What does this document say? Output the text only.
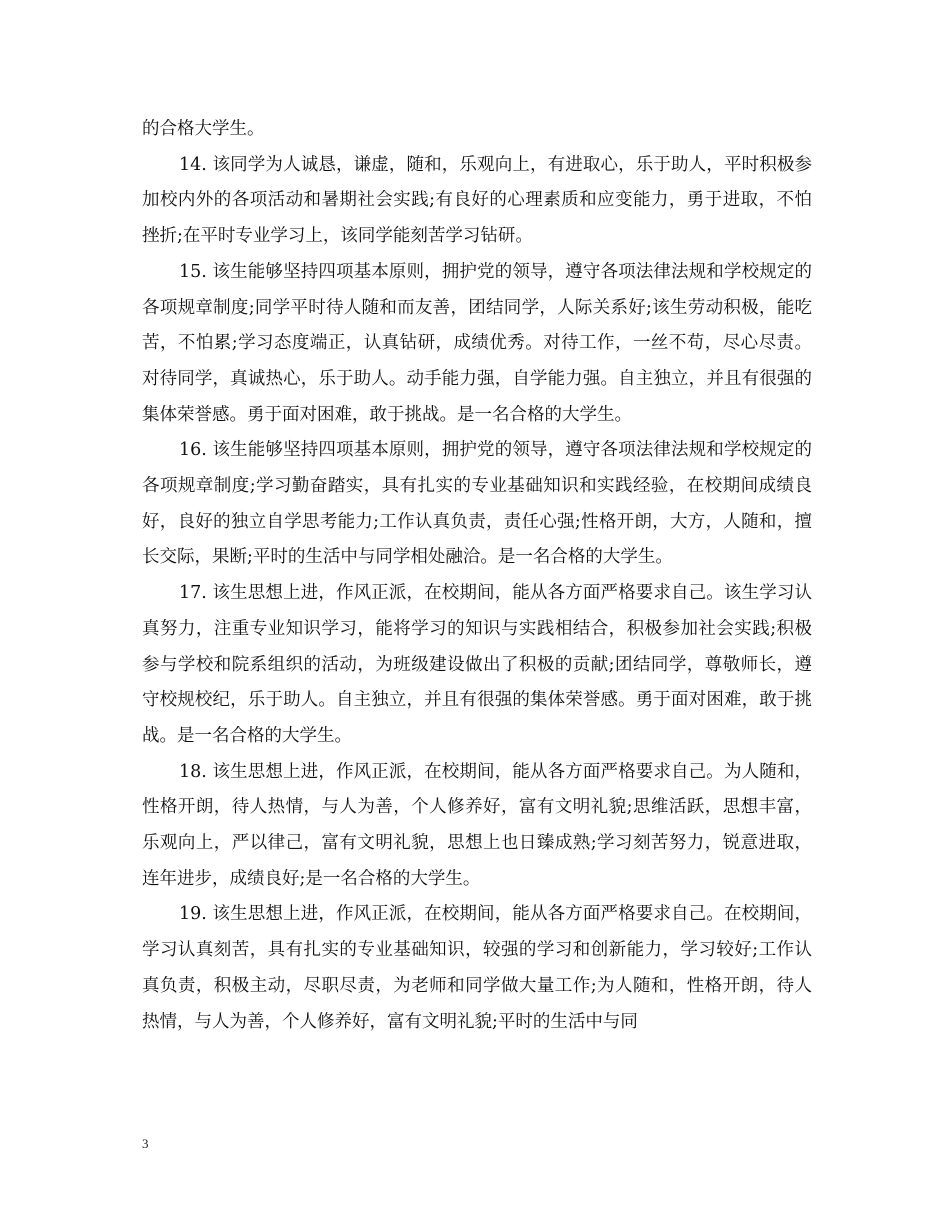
的合格大学生。

14. 该同学为人诚恳，谦虚，随和，乐观向上，有进取心，乐于助人，平时积极参加校内外的各项活动和暑期社会实践;有良好的心理素质和应变能力，勇于进取，不怕挫折;在平时专业学习上，该同学能刻苦学习钻研。

15. 该生能够坚持四项基本原则，拥护党的领导，遵守各项法律法规和学校规定的各项规章制度;同学平时待人随和而友善，团结同学，人际关系好;该生劳动积极，能吃苦，不怕累;学习态度端正，认真钻研，成绩优秀。对待工作，一丝不苟，尽心尽责。对待同学，真诚热心，乐于助人。动手能力强，自学能力强。自主独立，并且有很强的集体荣誉感。勇于面对困难，敢于挑战。是一名合格的大学生。

16. 该生能够坚持四项基本原则，拥护党的领导，遵守各项法律法规和学校规定的各项规章制度;学习勤奋踏实，具有扎实的专业基础知识和实践经验，在校期间成绩良好，良好的独立自学思考能力;工作认真负责，责任心强;性格开朗，大方，人随和，擅长交际，果断;平时的生活中与同学相处融洽。是一名合格的大学生。

17. 该生思想上进，作风正派，在校期间，能从各方面严格要求自己。该生学习认真努力，注重专业知识学习，能将学习的知识与实践相结合，积极参加社会实践;积极参与学校和院系组织的活动，为班级建设做出了积极的贡献;团结同学，尊敬师长，遵守校规校纪，乐于助人。自主独立，并且有很强的集体荣誉感。勇于面对困难，敢于挑战。是一名合格的大学生。

18. 该生思想上进，作风正派，在校期间，能从各方面严格要求自己。为人随和，性格开朗，待人热情，与人为善，个人修养好，富有文明礼貌;思维活跃，思想丰富，乐观向上，严以律己，富有文明礼貌，思想上也日臻成熟;学习刻苦努力，锐意进取，连年进步，成绩良好;是一名合格的大学生。

19. 该生思想上进，作风正派，在校期间，能从各方面严格要求自己。在校期间，学习认真刻苦，具有扎实的专业基础知识，较强的学习和创新能力，学习较好;工作认真负责，积极主动，尽职尽责，为老师和同学做大量工作;为人随和，性格开朗，待人热情，与人为善，个人修养好，富有文明礼貌;平时的生活中与同

3
